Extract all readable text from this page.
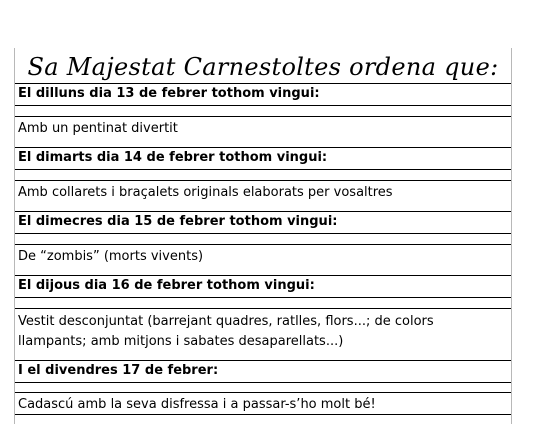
Sa Majestat Carnestoltes ordena que:
El dilluns dia 13 de febrer tothom vingui:
Amb un pentinat divertit
El dimarts dia 14 de febrer tothom vingui:
Amb collarets i braçalets originals elaborats per vosaltres
El dimecres dia 15 de febrer tothom vingui:
De “zombis” (morts vivents)
El dijous dia 16 de febrer tothom vingui:
Vestit desconjuntat (barrejant quadres, ratlles, flors...; de colors llampants; amb mitjons i sabates desaparellats...)
I el divendres 17 de febrer:
Cadascú amb la seva disfressa i a passar-s’ho molt bé!
